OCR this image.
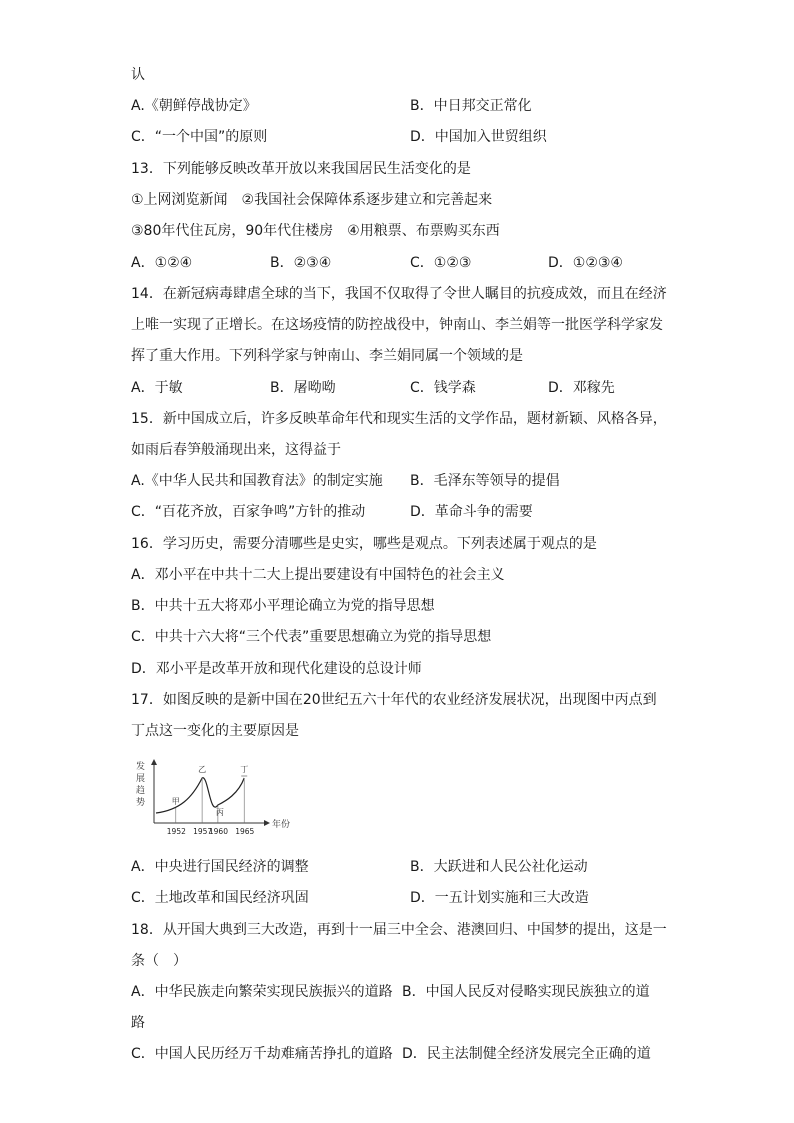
认
A.《朝鲜停战协定》	B．中日邦交正常化
C．“一个中国”的原则	D．中国加入世贸组织
13．下列能够反映改革开放以来我国居民生活变化的是
①上网浏览新闻　②我国社会保障体系逐步建立和完善起来
③80年代住瓦房，90年代住楼房　④用粮票、布票购买东西
A．①②④	B．②③④	C．①②③	D．①②③④
14．在新冠病毒肆虐全球的当下，我国不仅取得了令世人瞩目的抗疫成效，而且在经济
上唯一实现了正增长。在这场疫情的防控战役中，钟南山、李兰娟等一批医学科学家发
挥了重大作用。下列科学家与钟南山、李兰娟同属一个领域的是
A．于敏	B．屠呦呦	C．钱学森	D．邓稼先
15．新中国成立后，许多反映革命年代和现实生活的文学作品，题材新颖、风格各异，
如雨后春笋般涌现出来，这得益于
A.《中华人民共和国教育法》的制定实施 B．毛泽东等领导的提倡
C．“百花齐放，百家争鸣”方针的推动	D．革命斗争的需要
16．学习历史，需要分清哪些是史实，哪些是观点。下列表述属于观点的是
A．邓小平在中共十二大上提出要建设有中国特色的社会主义
B．中共十五大将邓小平理论确立为党的指导思想
C．中共十六大将“三个代表”重要思想确立为党的指导思想
D．邓小平是改革开放和现代化建设的总设计师
17．如图反映的是新中国在20世纪五六十年代的农业经济发展状况，出现图中丙点到
丁点这一变化的主要原因是
发
展
趋
势
年份
甲
乙
丙
丁
1952 1957
1960 1965
A．中央进行国民经济的调整	B．大跃进和人民公社化运动
C．土地改革和国民经济巩固	D．一五计划实施和三大改造
18．从开国大典到三大改造，再到十一届三中全会、港澳回归、中国梦的提出，这是一
条（　）
A．中华民族走向繁荣实现民族振兴的道路 B．中国人民反对侵略实现民族独立的道
路
C．中国人民历经万千劫难痛苦挣扎的道路 D．民主法制健全经济发展完全正确的道
